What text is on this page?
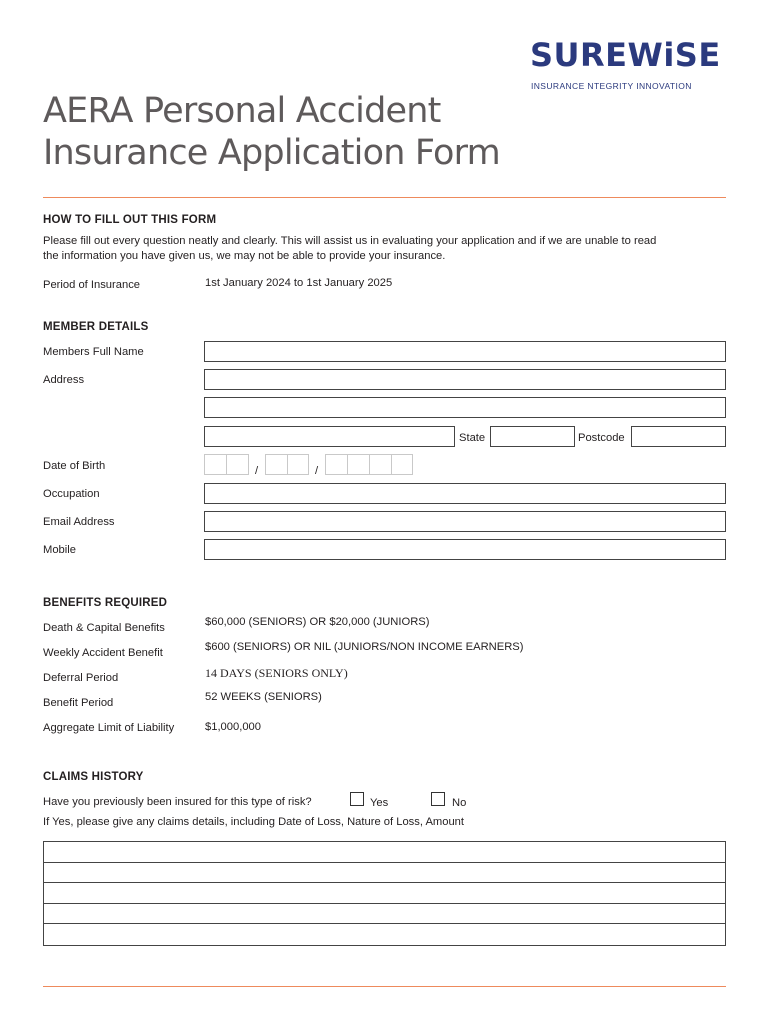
SUREWiSE
INSURANCE NTEGRITY INNOVATION
AERA Personal Accident
Insurance Application Form
HOW TO FILL OUT THIS FORM
Please fill out every question neatly and clearly. This will assist us in evaluating your application and if we are unable to read
the information you have given us, we may not be able to provide your insurance.
Period of Insurance	1st January 2024 to 1st January 2025
MEMBER DETAILS
Members Full Name
Address
State	Postcode
Date of Birth	/	/
Occupation
Email Address
Mobile
BENEFITS REQUIRED
Death & Capital Benefits	$60,000 (SENIORS) OR $20,000 (JUNIORS)
Weekly Accident Benefit	$600 (SENIORS) OR NIL (JUNIORS/NON INCOME EARNERS)
Deferral Period	14 DAYS (SENIORS ONLY)
Benefit Period	52 WEEKS (SENIORS)
Aggregate Limit of Liability	$1,000,000
CLAIMS HISTORY
Have you previously been insured for this type of risk?	Yes	No
If Yes, please give any claims details, including Date of Loss, Nature of Loss, Amount
